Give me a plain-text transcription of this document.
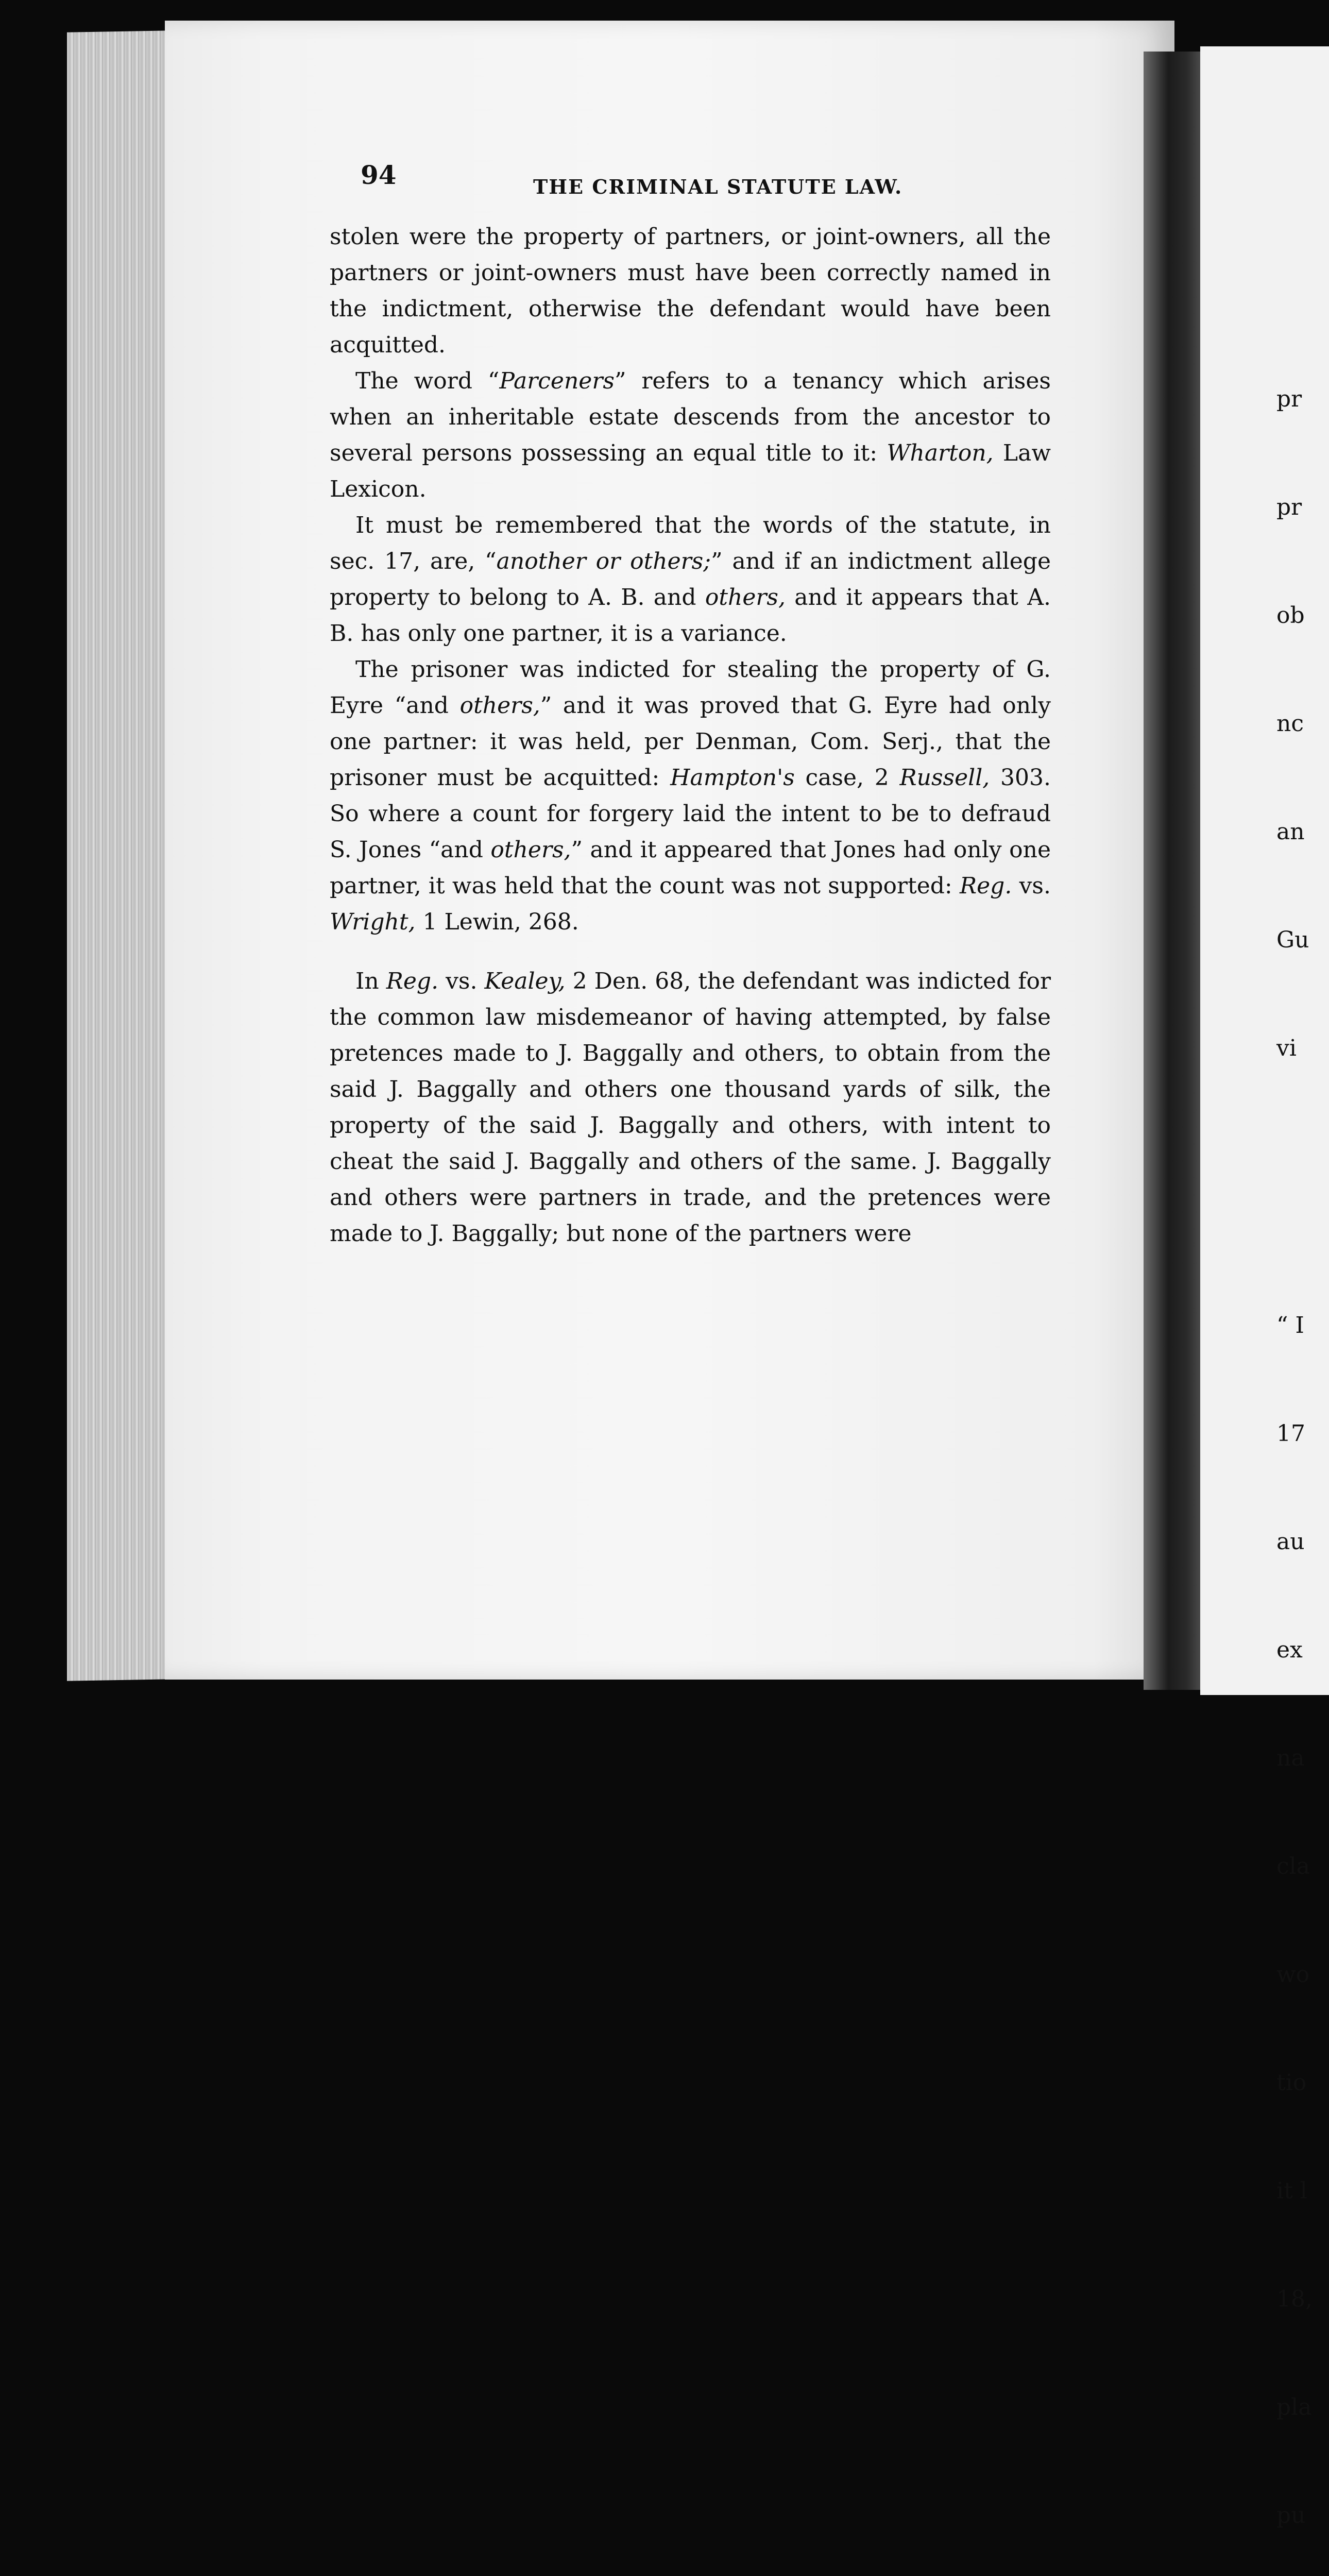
94	THE CRIMINAL STATUTE LAW.

stolen were the property of partners, or joint-owners, all the partners or joint-owners must have been correctly named in the indictment, otherwise the defendant would have been acquitted.

The word “Parceners” refers to a tenancy which arises when an inheritable estate descends from the ancestor to several persons possessing an equal title to it: Wharton, Law Lexicon.

It must be remembered that the words of the statute, in sec. 17, are, “another or others;” and if an indictment allege property to belong to A. B. and others, and it appears that A. B. has only one partner, it is a variance.

The prisoner was indicted for stealing the property of G. Eyre “and others,” and it was proved that G. Eyre had only one partner: it was held, per Denman, Com. Serj., that the prisoner must be acquitted: Hampton's case, 2 Russell, 303. So where a count for forgery laid the intent to be to defraud S. Jones “and others,” and it appeared that Jones had only one partner, it was held that the count was not supported: Reg. vs. Wright, 1 Lewin, 268.

In Reg. vs. Kealey, 2 Den. 68, the defendant was indicted for the common law misdemeanor of having attempted, by false pretences made to J. Baggally and others, to obtain from the said J. Baggally and others one thousand yards of silk, the property of the said J. Baggally and others, with intent to cheat the said J. Baggally and others of the same. J. Baggally and others were partners in trade, and the pretences were made to J. Baggally; but none of the partners were

pr

pr

ob

nc

an

Gu

vi

“ I

17

au

ex

na

cla

wo

tio

it l

18,

pla

pu
